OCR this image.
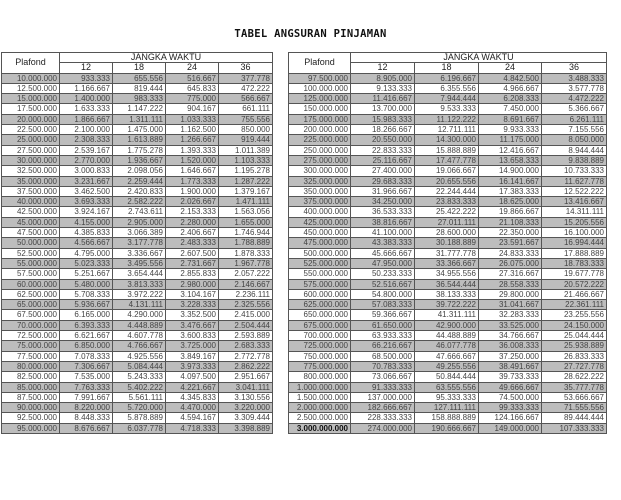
TABEL ANGSURAN PINJAMAN
Plafond	JANGKA WAKTU			
	12	18	24	36
10.000.000	933.333	655.556	516.667	377.778
12.500.000	1.166.667	819.444	645.833	472.222
15.000.000	1.400.000	983.333	775.000	566.667
17.500.000	1.633.333	1.147.222	904.167	661.111
20.000.000	1.866.667	1.311.111	1.033.333	755.556
22.500.000	2.100.000	1.475.000	1.162.500	850.000
25.000.000	2.308.333	1.613.889	1.266.667	919.444
27.500.000	2.539.167	1.775.278	1.393.333	1.011.389
30.000.000	2.770.000	1.936.667	1.520.000	1.103.333
32.500.000	3.000.833	2.098.056	1.646.667	1.195.278
35.000.000	3.231.667	2.259.444	1.773.333	1.287.222
37.500.000	3.462.500	2.420.833	1.900.000	1.379.167
40.000.000	3.693.333	2.582.222	2.026.667	1.471.111
42.500.000	3.924.167	2.743.611	2.153.333	1.563.056
45.000.000	4.155.000	2.905.000	2.280.000	1.655.000
47.500.000	4.385.833	3.066.389	2.406.667	1.746.944
50.000.000	4.566.667	3.177.778	2.483.333	1.788.889
52.500.000	4.795.000	3.336.667	2.607.500	1.878.333
55.000.000	5.023.333	3.495.556	2.731.667	1.967.778
57.500.000	5.251.667	3.654.444	2.855.833	2.057.222
60.000.000	5.480.000	3.813.333	2.980.000	2.146.667
62.500.000	5.708.333	3.972.222	3.104.167	2.236.111
65.000.000	5.936.667	4.131.111	3.228.333	2.325.556
67.500.000	6.165.000	4.290.000	3.352.500	2.415.000
70.000.000	6.393.333	4.448.889	3.476.667	2.504.444
72.500.000	6.621.667	4.607.778	3.600.833	2.593.889
75.000.000	6.850.000	4.766.667	3.725.000	2.683.333
77.500.000	7.078.333	4.925.556	3.849.167	2.772.778
80.000.000	7.306.667	5.084.444	3.973.333	2.862.222
82.500.000	7.535.000	5.243.333	4.097.500	2.951.667
85.000.000	7.763.333	5.402.222	4.221.667	3.041.111
87.500.000	7.991.667	5.561.111	4.345.833	3.130.556
90.000.000	8.220.000	5.720.000	4.470.000	3.220.000
92.500.000	8.448.333	5.878.889	4.594.167	3.309.444
95.000.000	8.676.667	6.037.778	4.718.333	3.398.889
Plafond	JANGKA WAKTU			
	12	18	24	36
97.500.000	8.905.000	6.196.667	4.842.500	3.488.333
100.000.000	9.133.333	6.355.556	4.966.667	3.577.778
125.000.000	11.416.667	7.944.444	6.208.333	4.472.222
150.000.000	13.700.000	9.533.333	7.450.000	5.366.667
175.000.000	15.983.333	11.122.222	8.691.667	6.261.111
200.000.000	18.266.667	12.711.111	9.933.333	7.155.556
225.000.000	20.550.000	14.300.000	11.175.000	8.050.000
250.000.000	22.833.333	15.888.889	12.416.667	8.944.444
275.000.000	25.116.667	17.477.778	13.658.333	9.838.889
300.000.000	27.400.000	19.066.667	14.900.000	10.733.333
325.000.000	29.683.333	20.655.556	16.141.667	11.627.778
350.000.000	31.966.667	22.244.444	17.383.333	12.522.222
375.000.000	34.250.000	23.833.333	18.625.000	13.416.667
400.000.000	36.533.333	25.422.222	19.866.667	14.311.111
425.000.000	38.816.667	27.011.111	21.108.333	15.205.556
450.000.000	41.100.000	28.600.000	22.350.000	16.100.000
475.000.000	43.383.333	30.188.889	23.591.667	16.994.444
500.000.000	45.666.667	31.777.778	24.833.333	17.888.889
525.000.000	47.950.000	33.366.667	26.075.000	18.783.333
550.000.000	50.233.333	34.955.556	27.316.667	19.677.778
575.000.000	52.516.667	36.544.444	28.558.333	20.572.222
600.000.000	54.800.000	38.133.333	29.800.000	21.466.667
625.000.000	57.083.333	39.722.222	31.041.667	22.361.111
650.000.000	59.366.667	41.311.111	32.283.333	23.255.556
675.000.000	61.650.000	42.900.000	33.525.000	24.150.000
700.000.000	63.933.333	44.488.889	34.766.667	25.044.444
725.000.000	66.216.667	46.077.778	36.008.333	25.938.889
750.000.000	68.500.000	47.666.667	37.250.000	26.833.333
775.000.000	70.783.333	49.255.556	38.491.667	27.727.778
800.000.000	73.066.667	50.844.444	39.733.333	28.622.222
1.000.000.000	91.333.333	63.555.556	49.666.667	35.777.778
1.500.000.000	137.000.000	95.333.333	74.500.000	53.666.667
2.000.000.000	182.666.667	127.111.111	99.333.333	71.555.556
2.500.000.000	228.333.333	158.888.889	124.166.667	89.444.444
3.000.000.000	274.000.000	190.666.667	149.000.000	107.333.333
